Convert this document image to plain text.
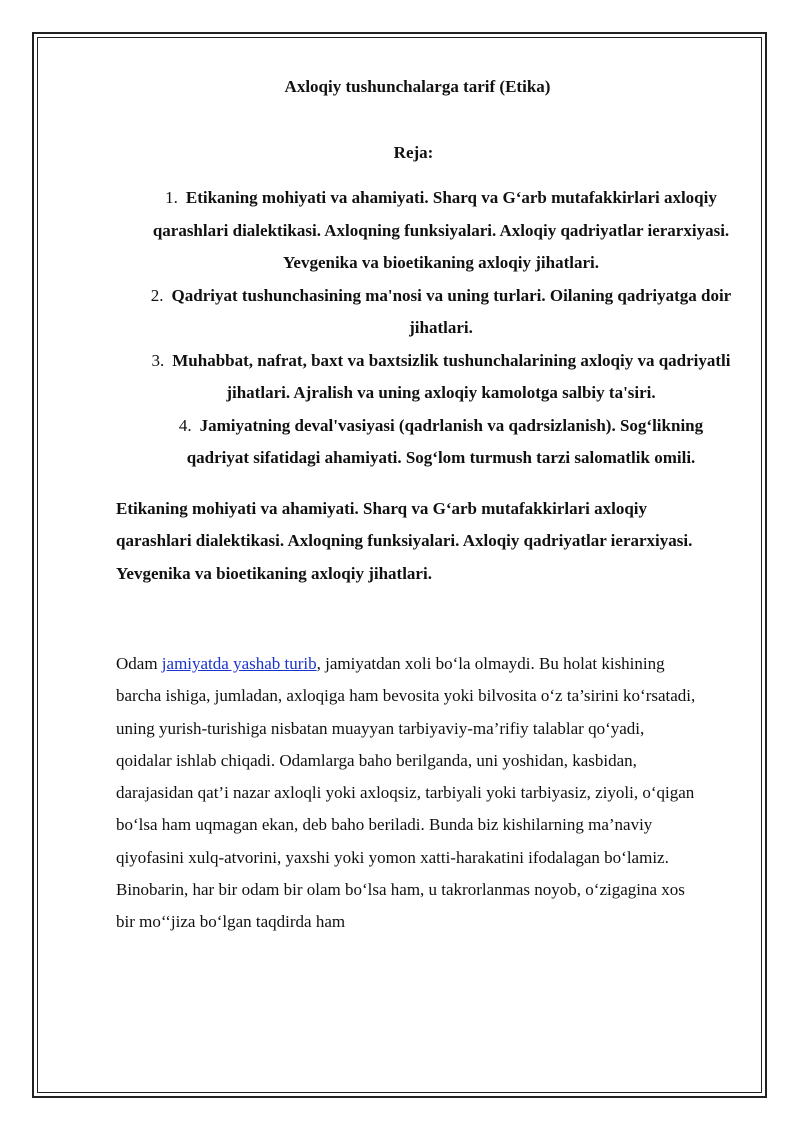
Axloqiy tushunchalarga tarif (Etika)
Reja:
1. Etikaning mohiyati va ahamiyati. Sharq va G‘arb mutafakkirlari axloqiy qarashlari dialektikasi. Axloqning funksiyalari. Axloqiy qadriyatlar ierarxiyasi. Yevgenika va bioetikaning axloqiy jihatlari.
2. Qadriyat tushunchasining ma'nosi va uning turlari. Oilaning qadriyatga doir jihatlari.
3. Muhabbat, nafrat, baxt va baxtsizlik tushunchalarining axloqiy va qadriyatli jihatlari. Ajralish va uning axloqiy kamolotga salbiy ta'siri.
4. Jamiyatning deval'vasiyasi (qadrlanish va qadrsizlanish). Sog‘likning qadriyat sifatidagi ahamiyati. Sog‘lom turmush tarzi salomatlik omili.

Etikaning mohiyati va ahamiyati. Sharq va G‘arb mutafakkirlari axloqiy qarashlari dialektikasi. Axloqning funksiyalari. Axloqiy qadriyatlar ierarxiyasi. Yevgenika va bioetikaning axloqiy jihatlari.

Odam jamiyatda yashab turib, jamiyatdan xoli bo‘la olmaydi. Bu holat kishining barcha ishiga, jumladan, axloqiga ham bevosita yoki bilvosita o‘z ta’sirini ko‘rsatadi, uning yurish-turishiga nisbatan muayyan tarbiyaviy-ma’rifiy talablar qo‘yadi, qoidalar ishlab chiqadi. Odamlarga baho berilganda, uni yoshidan, kasbidan, darajasidan qat’i nazar axloqli yoki axloqsiz, tarbiyali yoki tarbiyasiz, ziyoli, o‘qigan bo‘lsa ham uqmagan ekan, deb baho beriladi. Bunda biz kishilarning ma’naviy qiyofasini xulq-atvorini, yaxshi yoki yomon xatti-harakatini ifodalagan bo‘lamiz. Binobarin, har bir odam bir olam bo‘lsa ham, u takrorlanmas noyob, o‘zigagina xos bir mo‘‘jiza bo‘lgan taqdirda ham
